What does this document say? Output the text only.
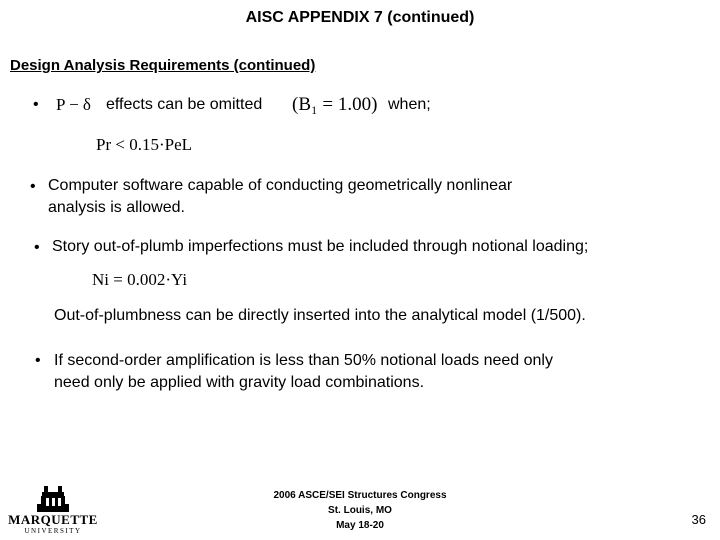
AISC APPENDIX 7 (continued)
Design Analysis Requirements (continued)
• P − δ effects can be omitted (B₁ = 1.00) when;
Pr < 0.15·PeL
• Computer software capable of conducting geometrically nonlinear
analysis is allowed.
• Story out-of-plumb imperfections must be included through notional loading;
Ni = 0.002·Yi
Out-of-plumbness can be directly inserted into the analytical model (1/500).
• If second-order amplification is less than 50% notional loads need only
need only be applied with gravity load combinations.
MARQUETTE
UNIVERSITY
2006 ASCE/SEI Structures Congress
St. Louis, MO
May 18-20	36
